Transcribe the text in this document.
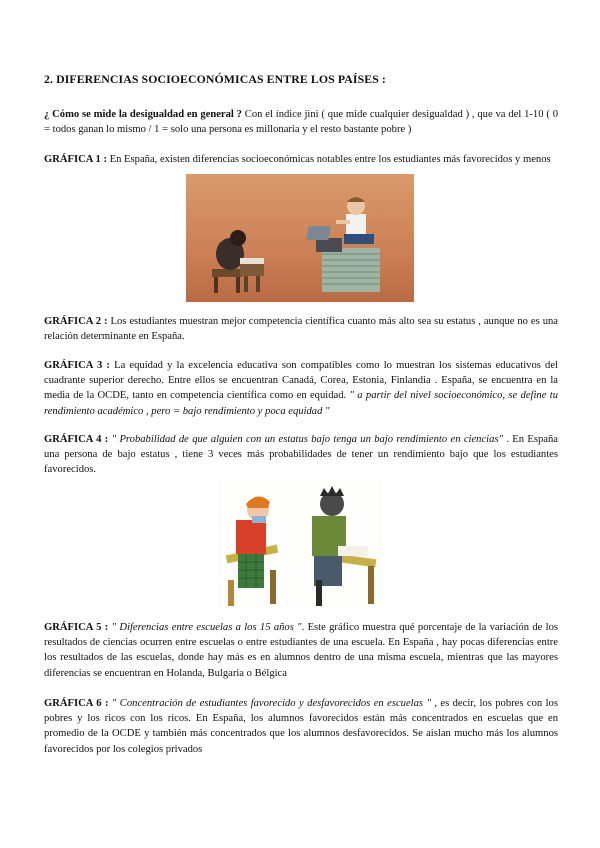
2. DIFERENCIAS SOCIOECONÓMICAS ENTRE LOS PAÍSES :
¿ Cómo se mide la desigualdad en general ? Con el índice jini ( que mide cualquier desigualdad ) , que va del 1-10 ( 0 = todos ganan lo mismo / 1 = solo una persona es millonaria y el resto bastante pobre )
GRÁFICA 1 : En España, existen diferencias socioeconómicas notables entre los estudiantes más favorecidos y menos
GRÁFICA 2 : Los estudiantes muestran mejor competencia científica cuanto más alto sea su estatus , aunque no es una relación determinante en España.
GRÁFICA 3 : La equidad y la excelencia educativa son compatibles como lo muestran los sistemas educativos del cuadrante superior derecho. Entre ellos se encuentran Canadá, Corea, Estonia, Finlandia . España, se encuentra en la media de la OCDE, tanto en competencia científica como en equidad. " a partir del nivel socioeconómico, se define tu rendimiento académico , pero = bajo rendimiento y poca equidad "
GRÁFICA 4 : " Probabilidad de que alguien con un estatus bajo tenga un bajo rendimiento en ciencias" . En España una persona de bajo estatus , tiene 3 veces más probabilidades de tener un rendimiento bajo que los estudiantes favorecidos.
GRÁFICA 5 : " Diferencias entre escuelas a los 15 años ". Este gráfico muestra qué porcentaje de la variación de los resultados de ciencias ocurren entre escuelas o entre estudiantes de una escuela. En España , hay pocas diferencias entre los resultados de las escuelas, donde hay más es en alumnos dentro de una misma escuela, mientras que las mayores diferencias se encuentran en Holanda, Bulgaria o Bélgica
GRÁFICA 6 : " Concentración de estudiantes favorecido y desfavorecidos en escuelas " , es decir, los pobres con los pobres y los ricos con los ricos. En España, los alumnos favorecidos están más concentrados en escuelas que en promedio de la OCDE y también más concentrados que los alumnos desfavorecidos. Se aislan mucho más los alumnos favorecidos por los colegios privados
